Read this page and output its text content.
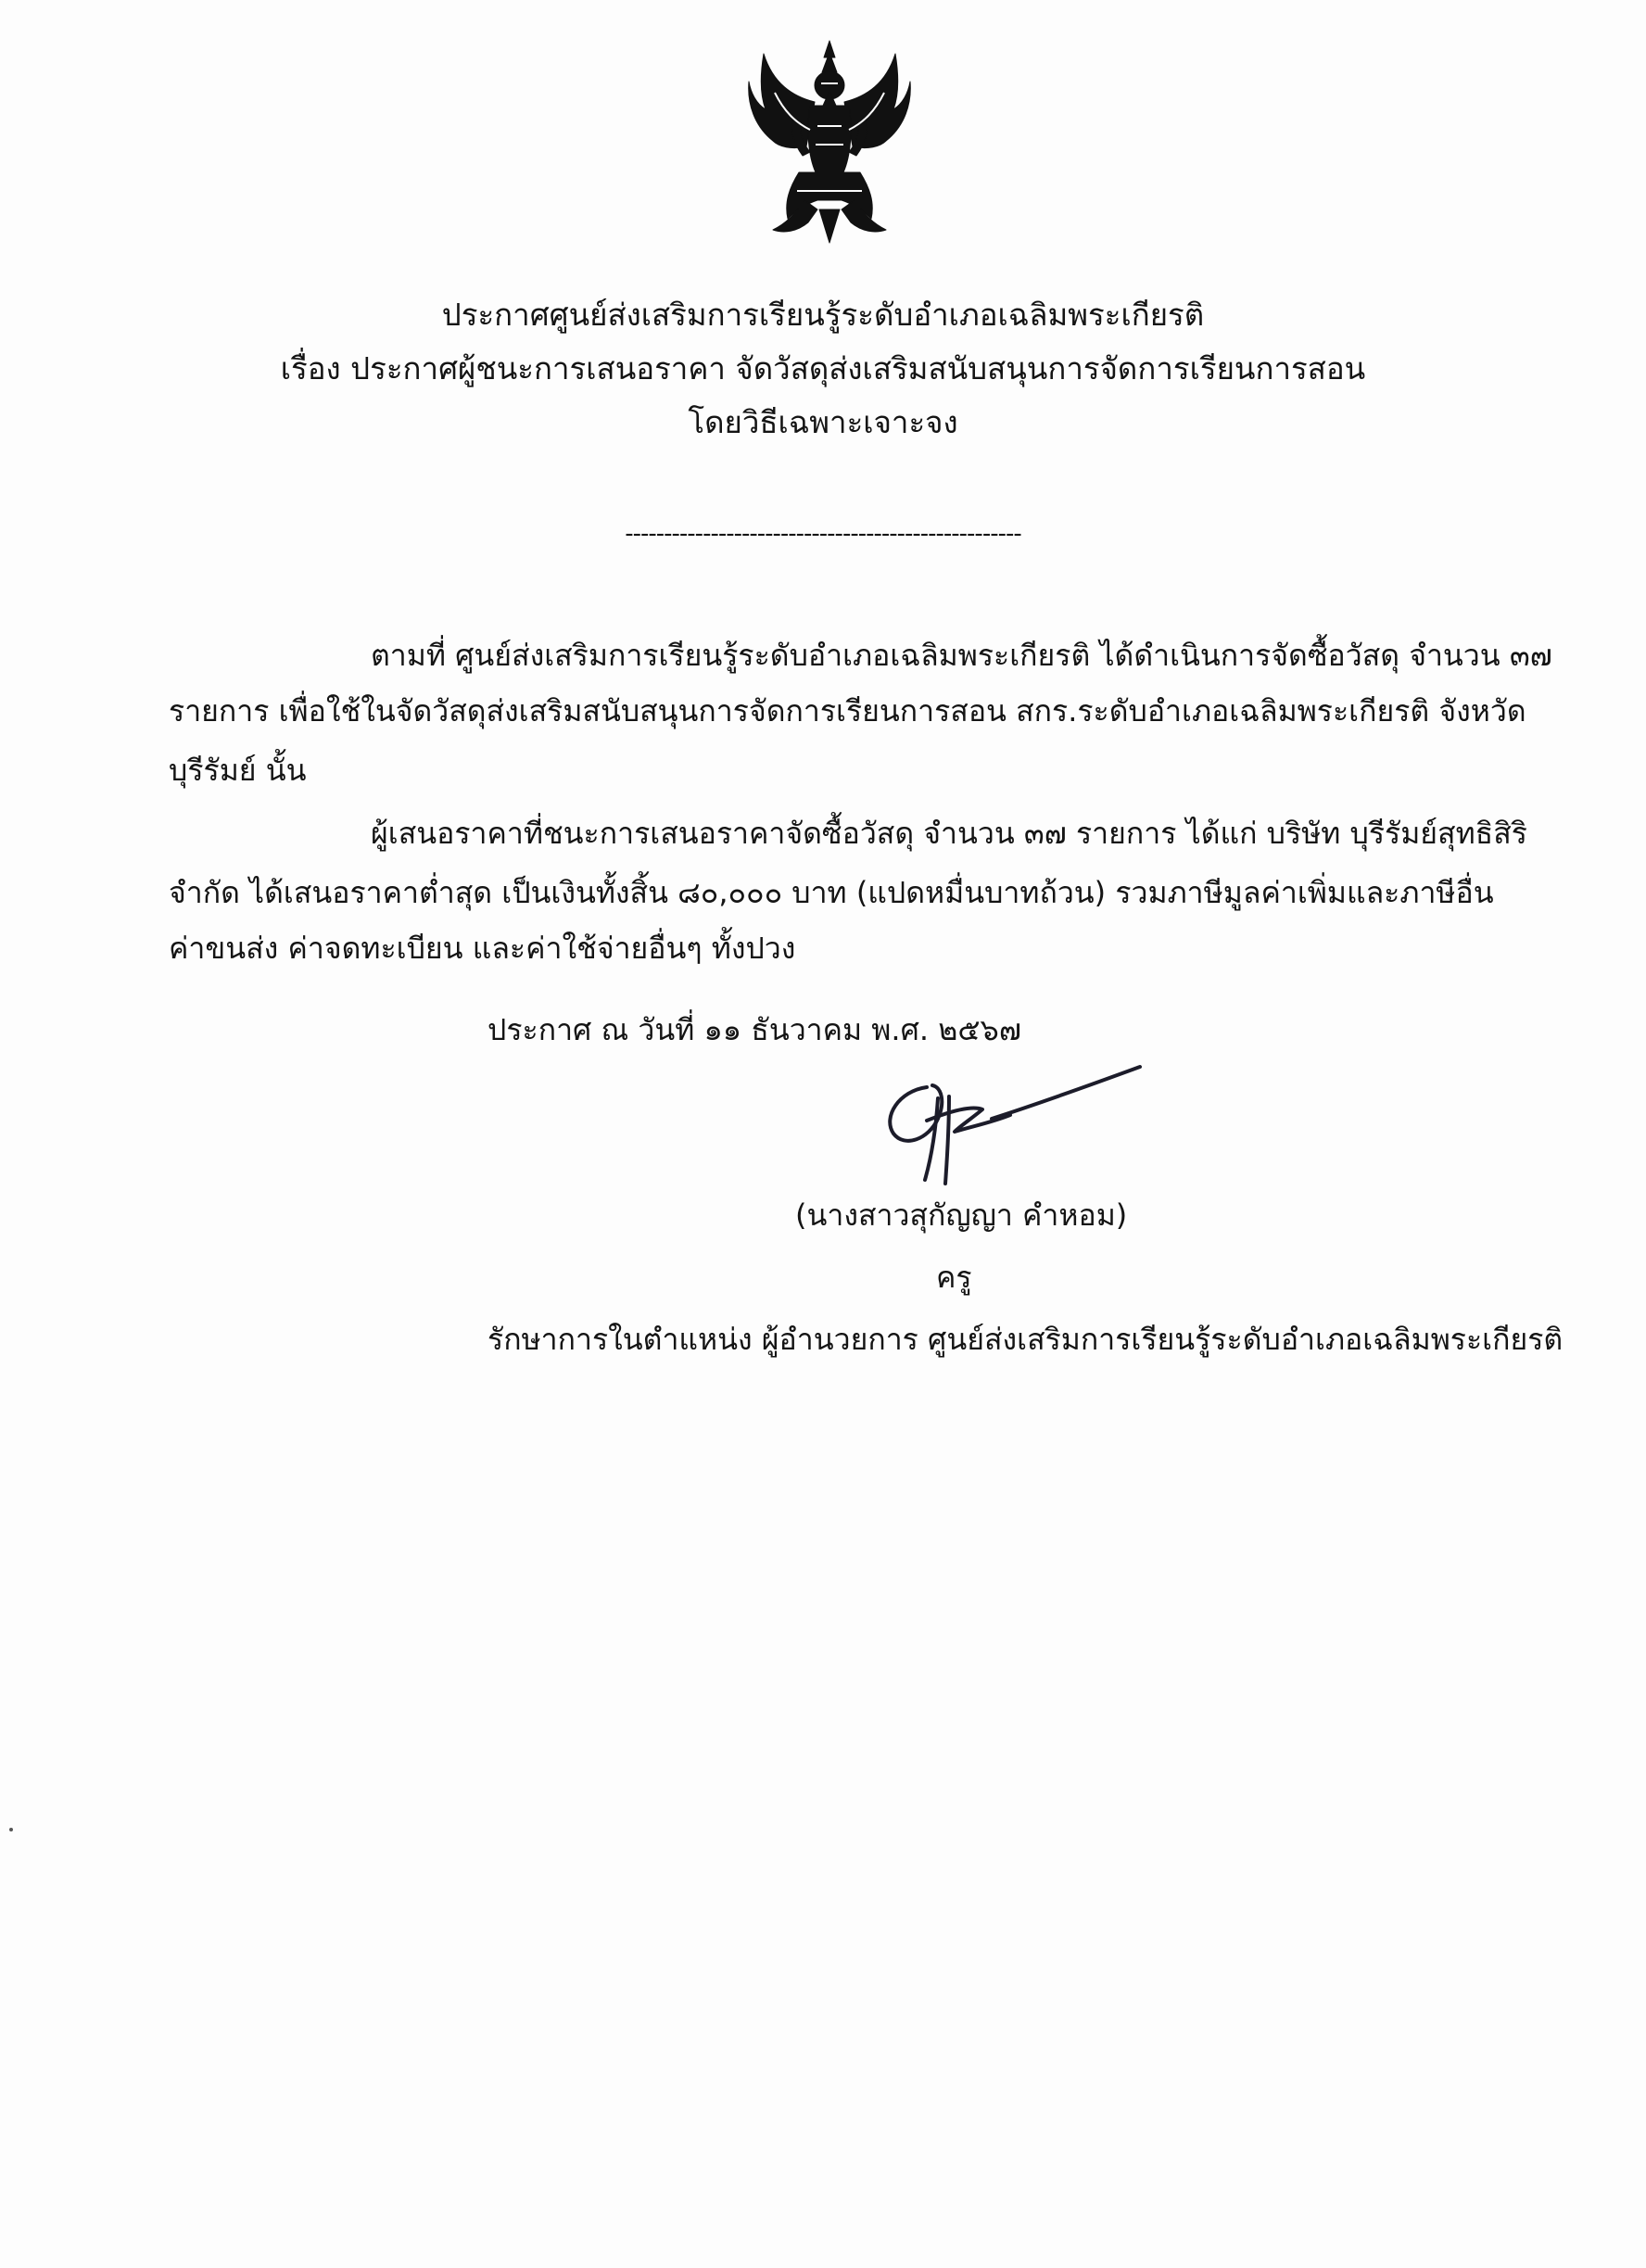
ประกาศศูนย์ส่งเสริมการเรียนรู้ระดับอำเภอเฉลิมพระเกียรติ
เรื่อง ประกาศผู้ชนะการเสนอราคา จัดวัสดุส่งเสริมสนับสนุนการจัดการเรียนการสอน
โดยวิธีเฉพาะเจาะจง
---------------------------------------------------
ตามที่ ศูนย์ส่งเสริมการเรียนรู้ระดับอำเภอเฉลิมพระเกียรติ ได้ดำเนินการจัดซื้อวัสดุ จำนวน ๓๗
รายการ เพื่อใช้ในจัดวัสดุส่งเสริมสนับสนุนการจัดการเรียนการสอน สกร.ระดับอำเภอเฉลิมพระเกียรติ จังหวัด
บุรีรัมย์ นั้น
ผู้เสนอราคาที่ชนะการเสนอราคาจัดซื้อวัสดุ จำนวน ๓๗ รายการ ได้แก่ บริษัท บุรีรัมย์สุทธิสิริ
จำกัด ได้เสนอราคาต่ำสุด เป็นเงินทั้งสิ้น ๘๐,๐๐๐ บาท (แปดหมื่นบาทถ้วน) รวมภาษีมูลค่าเพิ่มและภาษีอื่น
ค่าขนส่ง ค่าจดทะเบียน และค่าใช้จ่ายอื่นๆ ทั้งปวง
ประกาศ ณ วันที่ ๑๑ ธันวาคม พ.ศ. ๒๕๖๗
(นางสาวสุกัญญา คำหอม)
ครู
รักษาการในตำแหน่ง ผู้อำนวยการ ศูนย์ส่งเสริมการเรียนรู้ระดับอำเภอเฉลิมพระเกียรติ
